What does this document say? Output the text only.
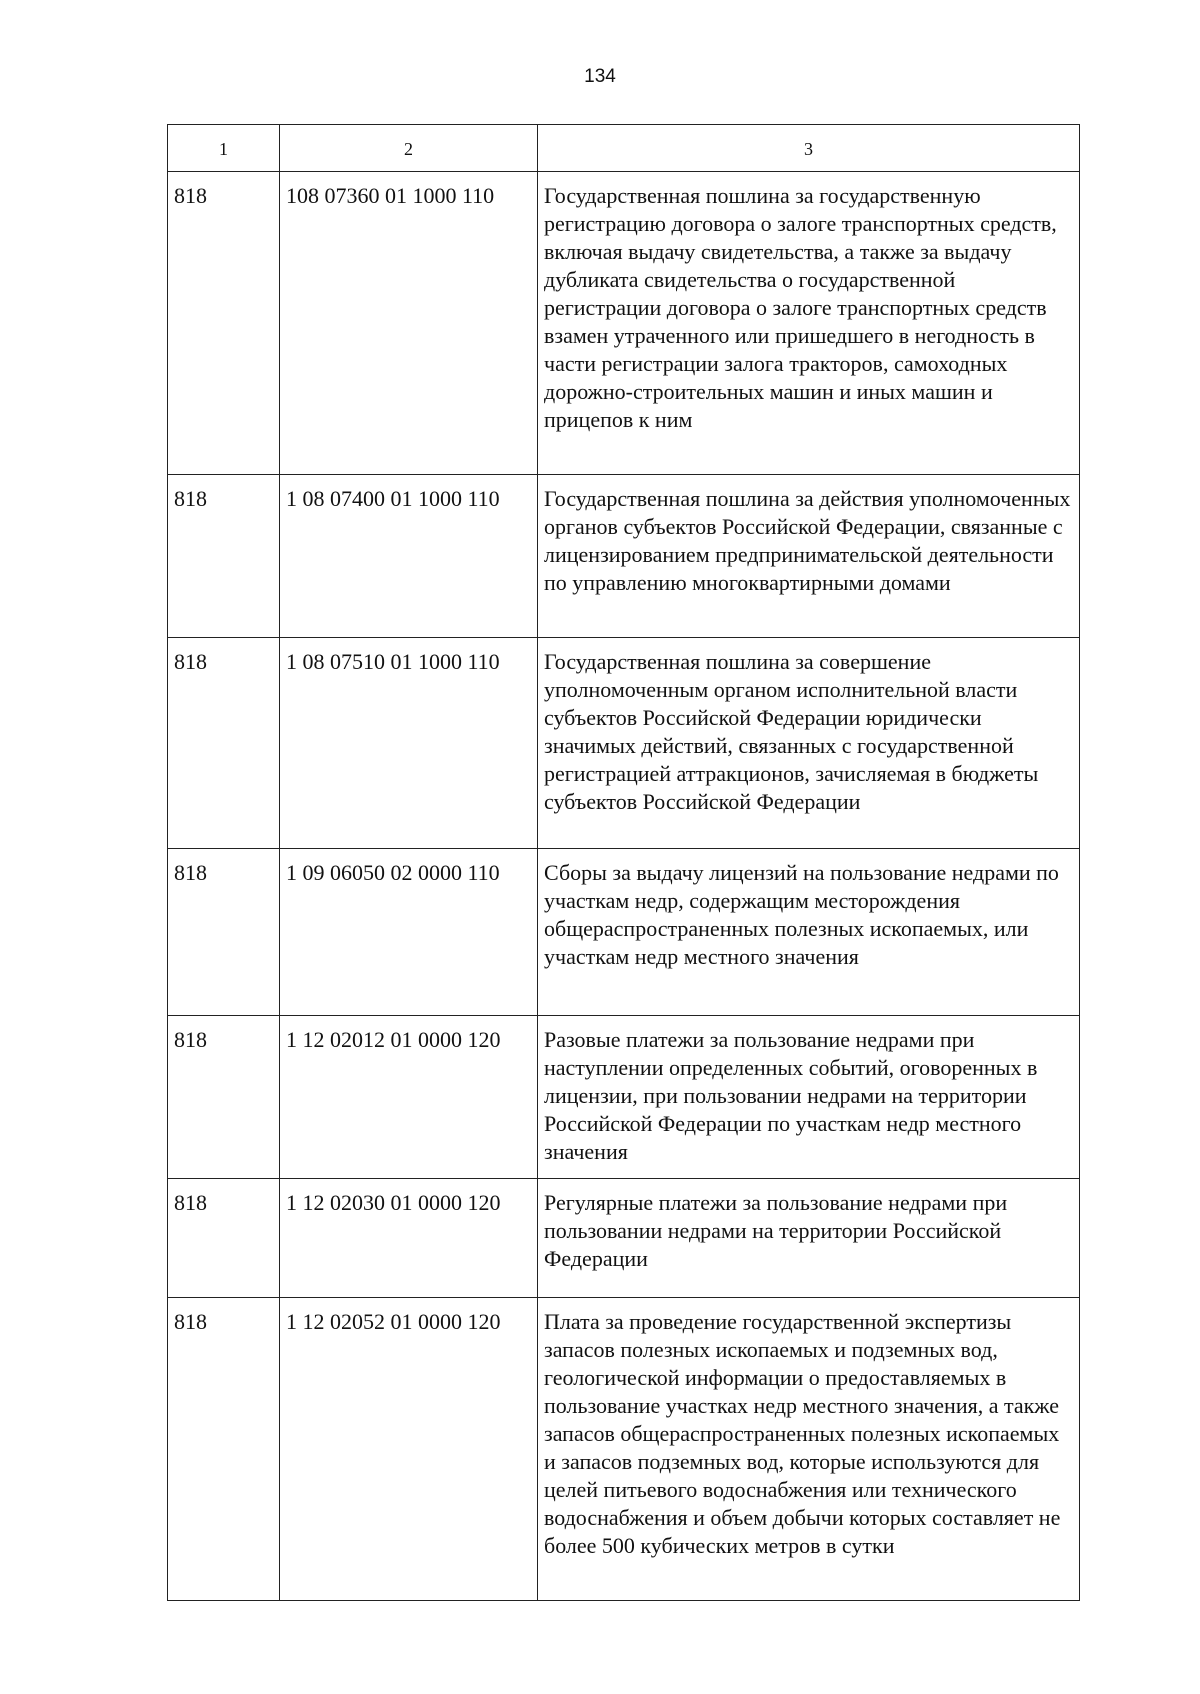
134
1	2	3
818	108 07360 01 1000 110	Государственная пошлина за государственную регистрацию договора о залоге транспортных средств, включая выдачу свидетельства, а также за выдачу дубликата свидетельства о государственной регистрации договора о залоге транспортных средств взамен утраченного или пришедшего в негодность в части регистрации залога тракторов, самоходных дорожно-строительных машин и иных машин и прицепов к ним
818	1 08 07400 01 1000 110	Государственная пошлина за действия уполномоченных органов субъектов Российской Федерации, связанные с лицензированием предпринимательской деятельности по управлению многоквартирными домами
818	1 08 07510 01 1000 110	Государственная пошлина за совершение уполномоченным органом исполнительной власти субъектов Российской Федерации юридически значимых действий, связанных с государственной регистрацией аттракционов, зачисляемая в бюджеты субъектов Российской Федерации
818	1 09 06050 02 0000 110	Сборы за выдачу лицензий на пользование недрами по участкам недр, содержащим месторождения общераспространенных полезных ископаемых, или участкам недр местного значения
818	1 12 02012 01 0000 120	Разовые платежи за пользование недрами при наступлении определенных событий, оговоренных в лицензии, при пользовании недрами на территории Российской Федерации по участкам недр местного значения
818	1 12 02030 01 0000 120	Регулярные платежи за пользование недрами при пользовании недрами на территории Российской Федерации
818	1 12 02052 01 0000 120	Плата за проведение государственной экспертизы запасов полезных ископаемых и подземных вод, геологической информации о предоставляемых в пользование участках недр местного значения, а также запасов общераспространенных полезных ископаемых и запасов подземных вод, которые используются для целей питьевого водоснабжения или технического водоснабжения и объем добычи которых составляет не более 500 кубических метров в сутки
